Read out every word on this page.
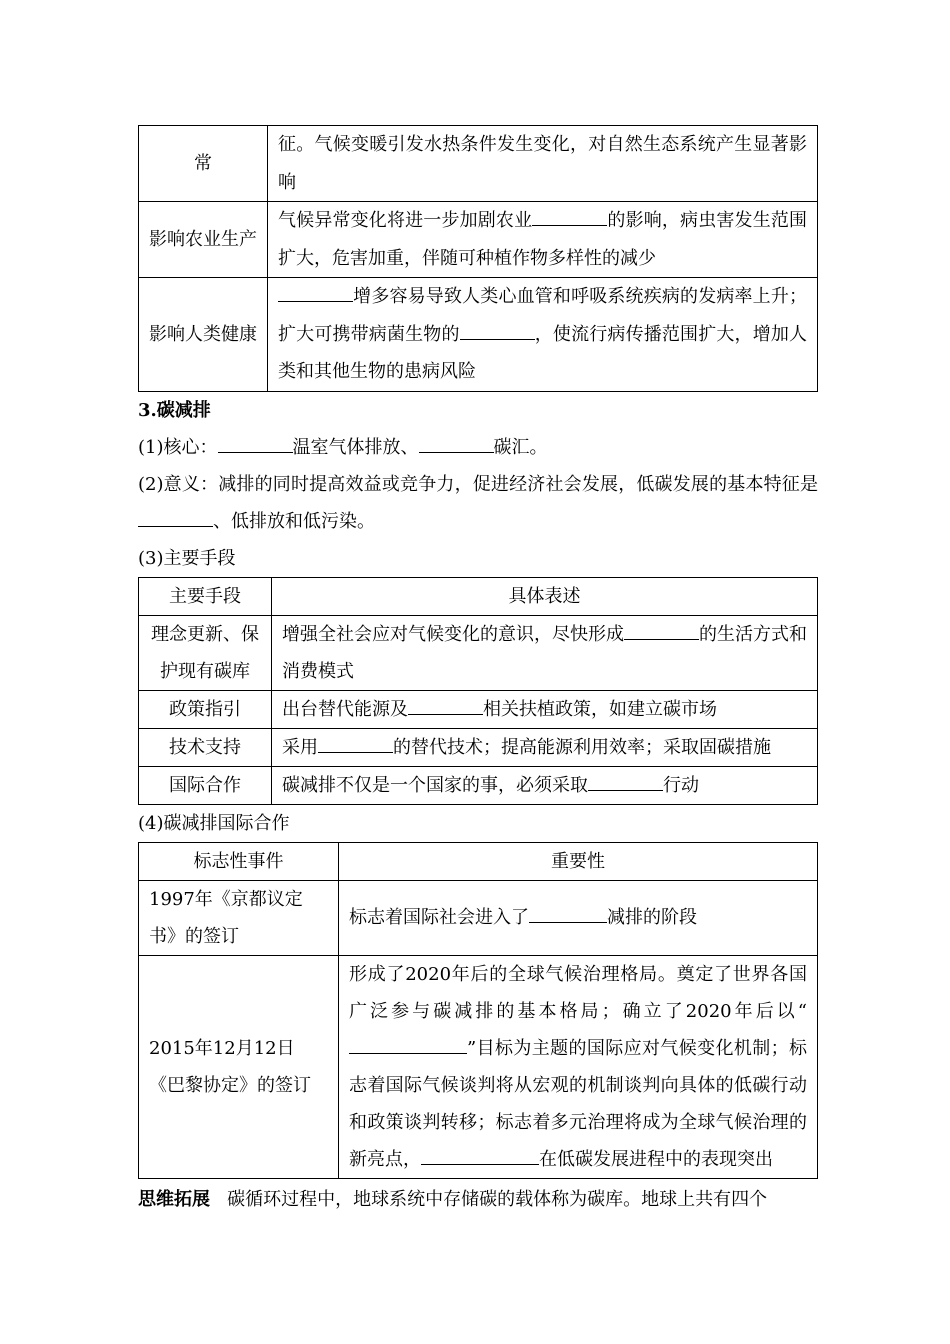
常	征。气候变暖引发水热条件发生变化，对自然生态系统产生显著影响
影响农业生产	气候异常变化将进一步加剧农业 的影响，病虫害发生范围扩大，危害加重，伴随可种植作物多样性的减少
影响人类健康	增多容易导致人类心血管和呼吸系统疾病的发病率上升；扩大可携带病菌生物的 ，使流行病传播范围扩大，增加人类和其他生物的患病风险

3.碳减排

(1)核心：	温室气体排放、	碳汇。

(2)意义：减排的同时提高效益或竞争力，促进经济社会发展，低碳发展的基本特征是、低排放和低污染。

(3)主要手段

主要手段	具体表述
理念更新、保护现有碳库	增强全社会应对气候变化的意识，尽快形成 的生活方式和消费模式
政策指引	出台替代能源及 相关扶植政策，如建立碳市场
技术支持	采用 的替代技术；提高能源利用效率；采取固碳措施
国际合作	碳减排不仅是一个国家的事，必须采取 行动

(4)碳减排国际合作

标志性事件	重要性
1997年《京都议定书》的签订	标志着国际社会进入了 减排的阶段
2015年12月12日《巴黎协定》的签订	形成了2020年后的全球气候治理格局。奠定了世界各国广泛参与碳减排的基本格局；确立了2020年后以“”目标为主题的国际应对气候变化机制；标志着国际气候谈判将从宏观的机制谈判向具体的低碳行动和政策谈判转移；标志着多元治理将成为全球气候治理的新亮点， 在低碳发展进程中的表现突出

思维拓展 碳循环过程中，地球系统中存储碳的载体称为碳库。地球上共有四个
